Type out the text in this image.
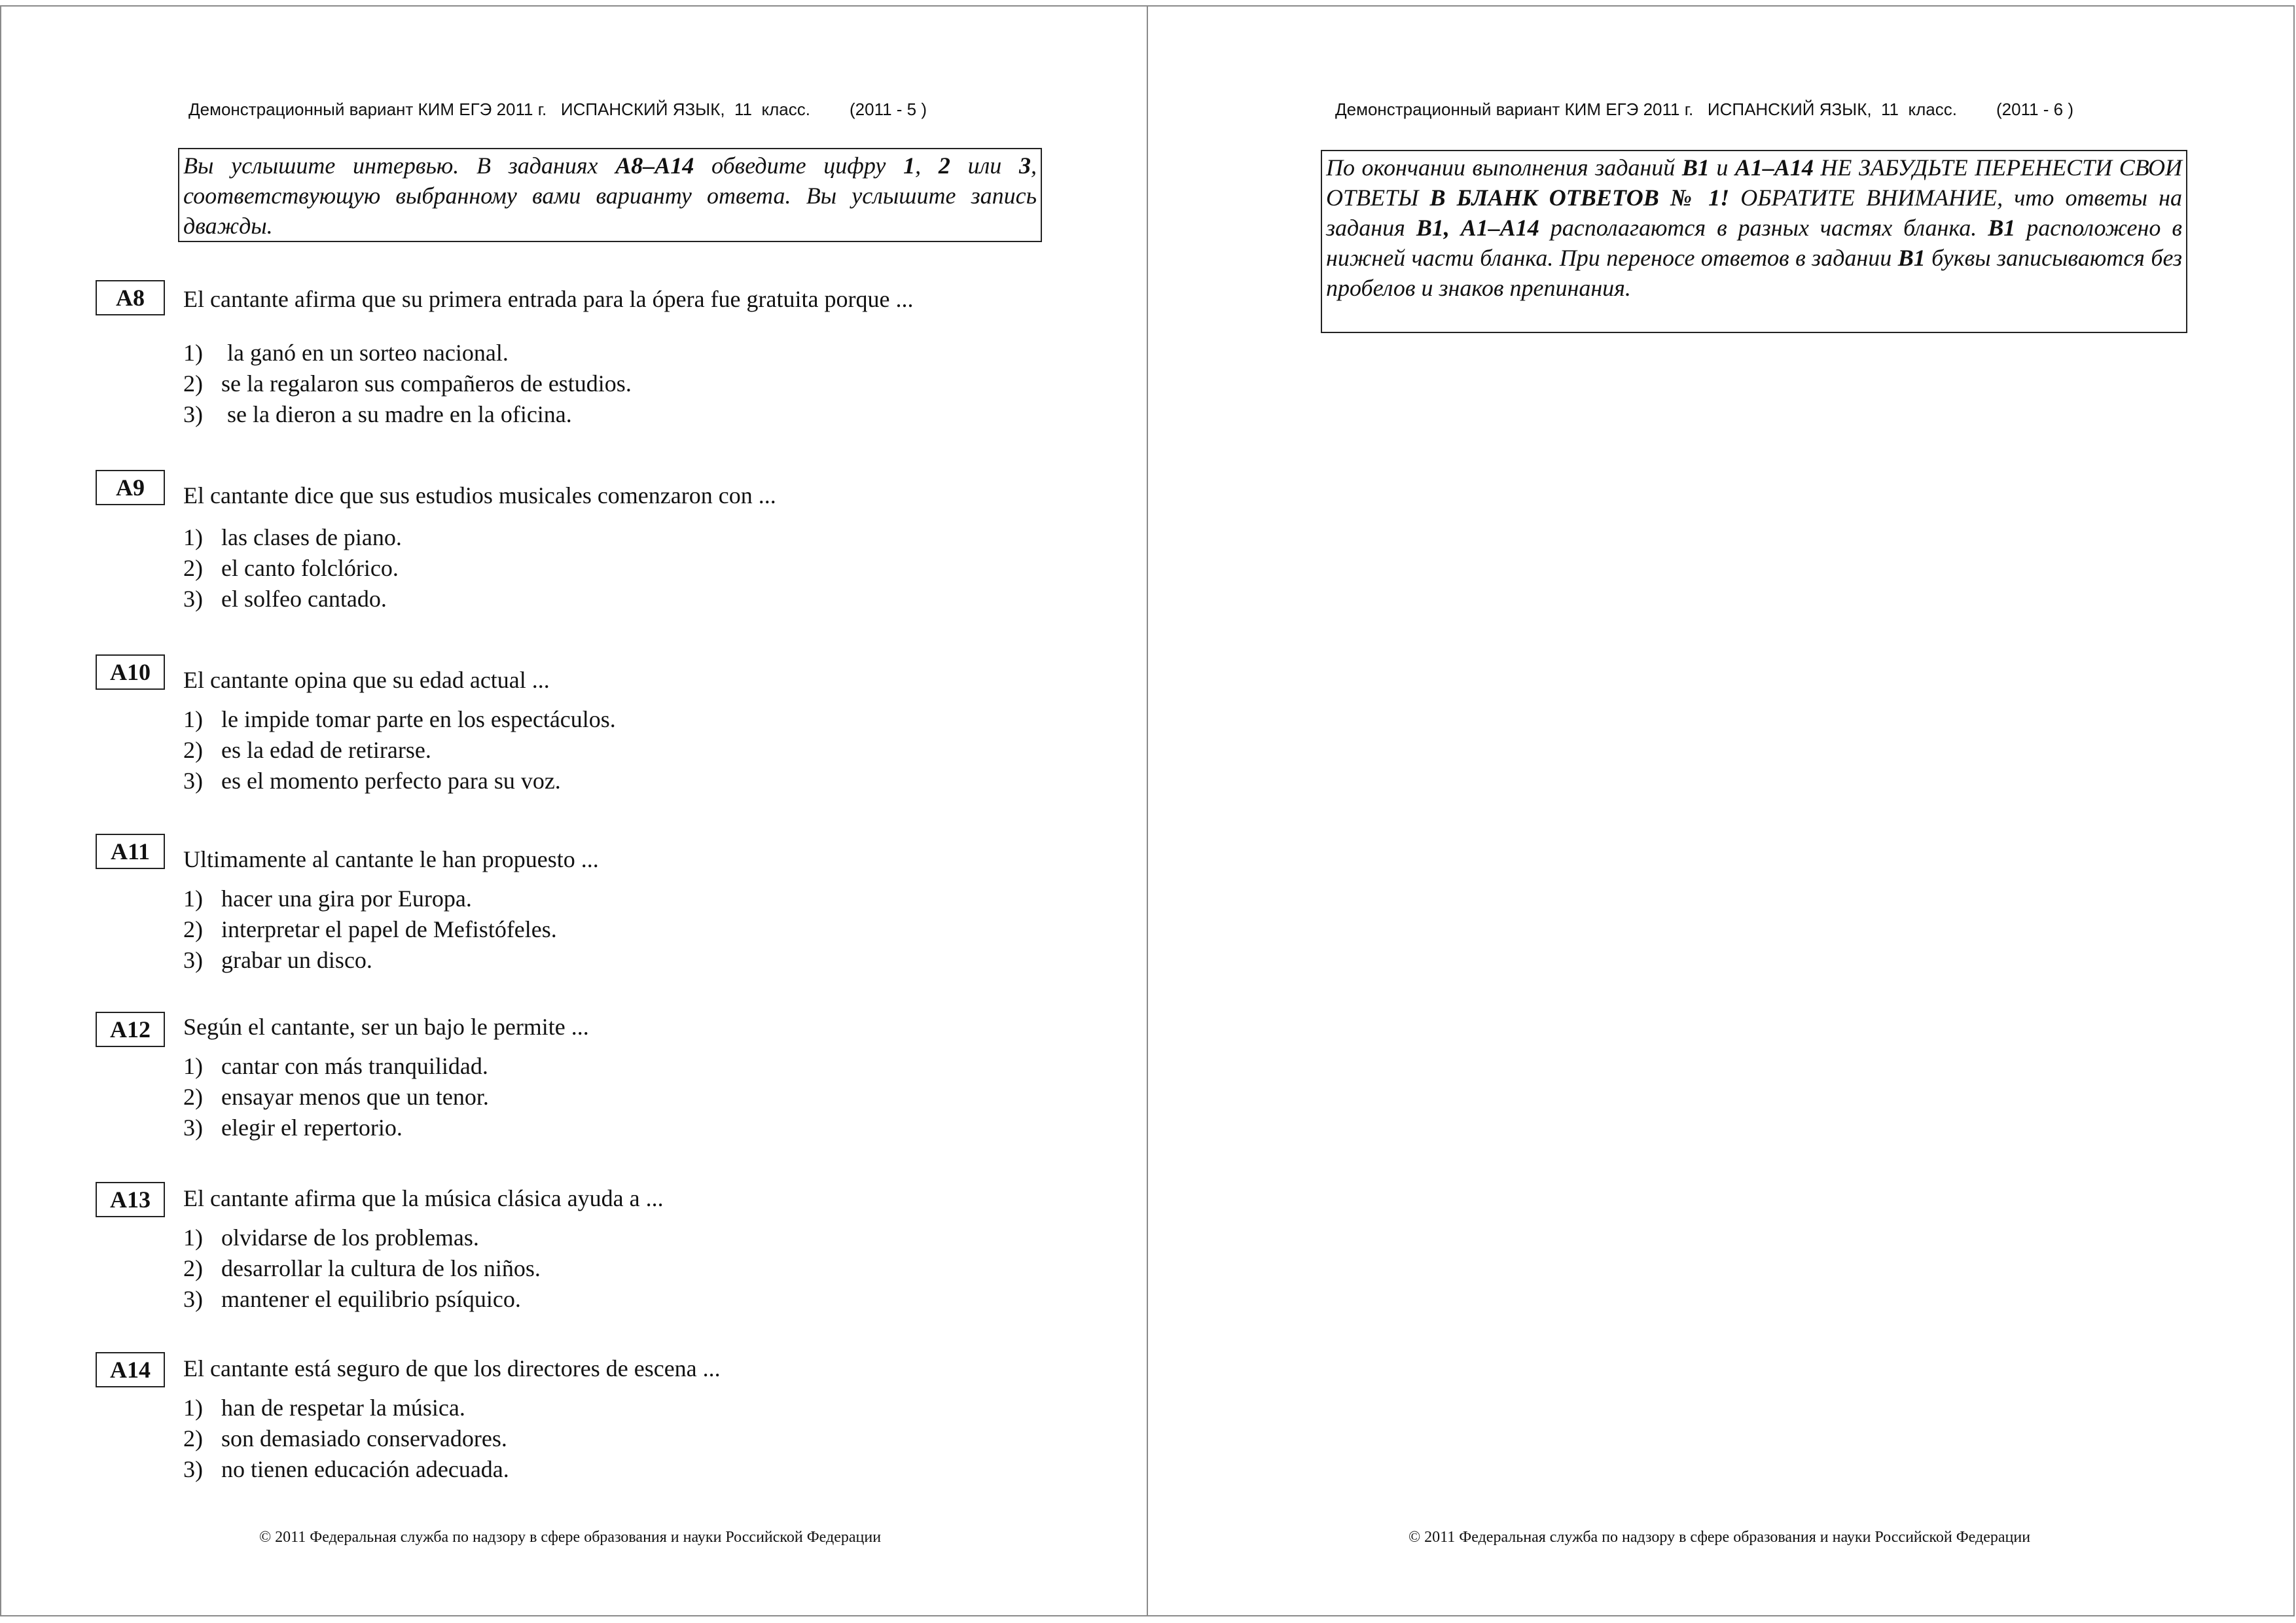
Демонстрационный вариант КИМ ЕГЭ 2011 г.   ИСПАНСКИЙ ЯЗЫК,  11  класс. (2011 - 5 )
Вы услышите интервью. В заданиях А8–А14 обведите цифру 1, 2 или 3, соответствующую выбранному вами варианту ответа. Вы услышите запись дважды.
A8	El cantante afirma que su primera entrada para la ópera fue gratuita porque ...
1) la ganó en un sorteo nacional.
2) se la regalaron sus compañeros de estudios.
3) se la dieron a su madre en la oficina.
A9	El cantante dice que sus estudios musicales comenzaron con ...
1) las clases de piano.
2) el canto folclórico.
3) el solfeo cantado.
A10	El cantante opina que su edad actual ...
1) le impide tomar parte en los espectáculos.
2) es la edad de retirarse.
3) es el momento perfecto para su voz.
A11	Ultimamente al cantante le han propuesto ...
1) hacer una gira por Europa.
2) interpretar el papel de Mefistófeles.
3) grabar un disco.
A12	Según el cantante, ser un bajo le permite ...
1) cantar con más tranquilidad.
2) ensayar menos que un tenor.
3) elegir el repertorio.
A13	El cantante afirma que la música clásica ayuda a ...
1) olvidarse de los problemas.
2) desarrollar la cultura de los niños.
3) mantener el equilibrio psíquico.
A14	El cantante está seguro de que los directores de escena ...
1) han de respetar la música.
2) son demasiado conservadores.
3) no tienen educación adecuada.
© 2011 Федеральная служба по надзору в сфере образования и науки Российской Федерации
Демонстрационный вариант КИМ ЕГЭ 2011 г.   ИСПАНСКИЙ ЯЗЫК,  11  класс. (2011 - 6 )
По окончании выполнения заданий В1 и А1–А14 НЕ ЗАБУДЬТЕ ПЕРЕНЕСТИ СВОИ ОТВЕТЫ В БЛАНК ОТВЕТОВ № 1! ОБРАТИТЕ ВНИМАНИЕ, что ответы на задания В1, А1–А14 располагаются в разных частях бланка. В1 расположено в нижней части бланка. При переносе ответов в задании В1 буквы записываются без пробелов и знаков препинания.
© 2011 Федеральная служба по надзору в сфере образования и науки Российской Федерации
